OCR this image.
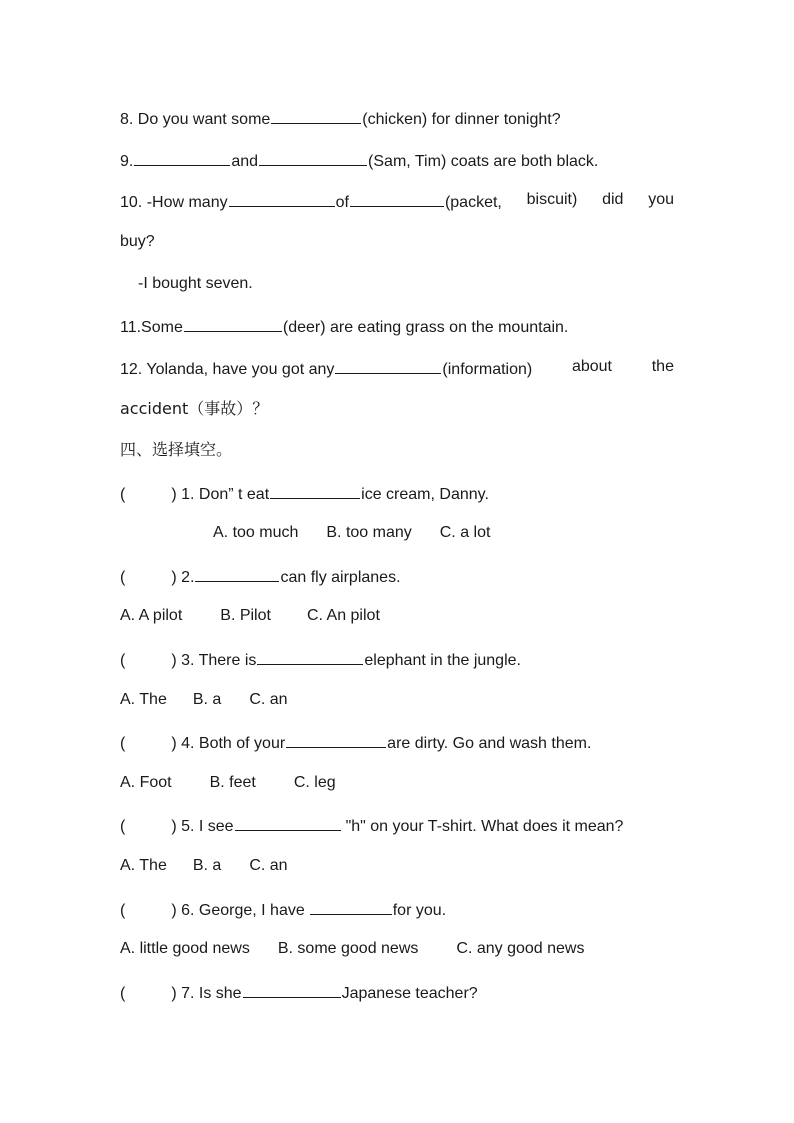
8. Do you want some	(chicken) for dinner tonight?
9.	and	(Sam, Tim) coats are both black.
10. -How many	of	(packet, biscuit) did you
buy?
-I bought seven.
11.Some	(deer) are eating grass on the mountain.
12. Yolanda, have you got any	(information) about the
accident（事故）？
四、选择填空。
(	) 1. Don” t eat	ice cream, Danny.
A. too much B. too many C. a lot
(	) 2.	can fly airplanes.
A. A pilot B. Pilot C. An pilot
(	) 3. There is	elephant in the jungle.
A. The B. a C. an
(	) 4. Both of your	are dirty. Go and wash them.
A. Foot B. feet C. leg
(	) 5. I see	"h" on your T-shirt. What does it mean?
A. The B. a C. an
(	) 6. George, I have	for you.
A. little good news B. some good news C. any good news
(	) 7. Is she	Japanese teacher?
